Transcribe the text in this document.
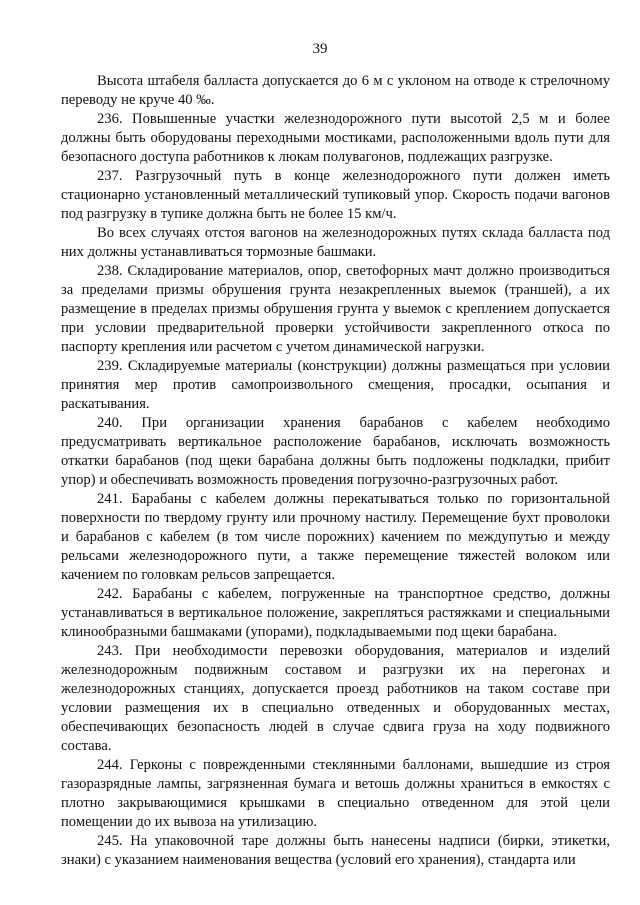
39

Высота штабеля балласта допускается до 6 м с уклоном на отводе к стрелочному переводу не круче 40 ‰.

236. Повышенные участки железнодорожного пути высотой 2,5 м и более должны быть оборудованы переходными мостиками, расположенными вдоль пути для безопасного доступа работников к люкам полувагонов, подлежащих разгрузке.

237. Разгрузочный путь в конце железнодорожного пути должен иметь стационарно установленный металлический тупиковый упор. Скорость подачи вагонов под разгрузку в тупике должна быть не более 15 км/ч.

Во всех случаях отстоя вагонов на железнодорожных путях склада балласта под них должны устанавливаться тормозные башмаки.

238. Складирование материалов, опор, светофорных мачт должно производиться за пределами призмы обрушения грунта незакрепленных выемок (траншей), а их размещение в пределах призмы обрушения грунта у выемок с креплением допускается при условии предварительной проверки устойчивости закрепленного откоса по паспорту крепления или расчетом с учетом динамической нагрузки.

239. Складируемые материалы (конструкции) должны размещаться при условии принятия мер против самопроизвольного смещения, просадки, осыпания и раскатывания.

240. При организации хранения барабанов с кабелем необходимо предусматривать вертикальное расположение барабанов, исключать возможность откатки барабанов (под щеки барабана должны быть подложены подкладки, прибит упор) и обеспечивать возможность проведения погрузочно-разгрузочных работ.

241. Барабаны с кабелем должны перекатываться только по горизонтальной поверхности по твердому грунту или прочному настилу. Перемещение бухт проволоки и барабанов с кабелем (в том числе порожних) качением по междупутью и между рельсами железнодорожного пути, а также перемещение тяжестей волоком или качением по головкам рельсов запрещается.

242. Барабаны с кабелем, погруженные на транспортное средство, должны устанавливаться в вертикальное положение, закрепляться растяжками и специальными клинообразными башмаками (упорами), подкладываемыми под щеки барабана.

243. При необходимости перевозки оборудования, материалов и изделий железнодорожным подвижным составом и разгрузки их на перегонах и железнодорожных станциях, допускается проезд работников на таком составе при условии размещения их в специально отведенных и оборудованных местах, обеспечивающих безопасность людей в случае сдвига груза на ходу подвижного состава.

244. Герконы с поврежденными стеклянными баллонами, вышедшие из строя газоразрядные лампы, загрязненная бумага и ветошь должны храниться в емкостях с плотно закрывающимися крышками в специально отведенном для этой цели помещении до их вывоза на утилизацию.

245. На упаковочной таре должны быть нанесены надписи (бирки, этикетки, знаки) с указанием наименования вещества (условий его хранения), стандарта или
